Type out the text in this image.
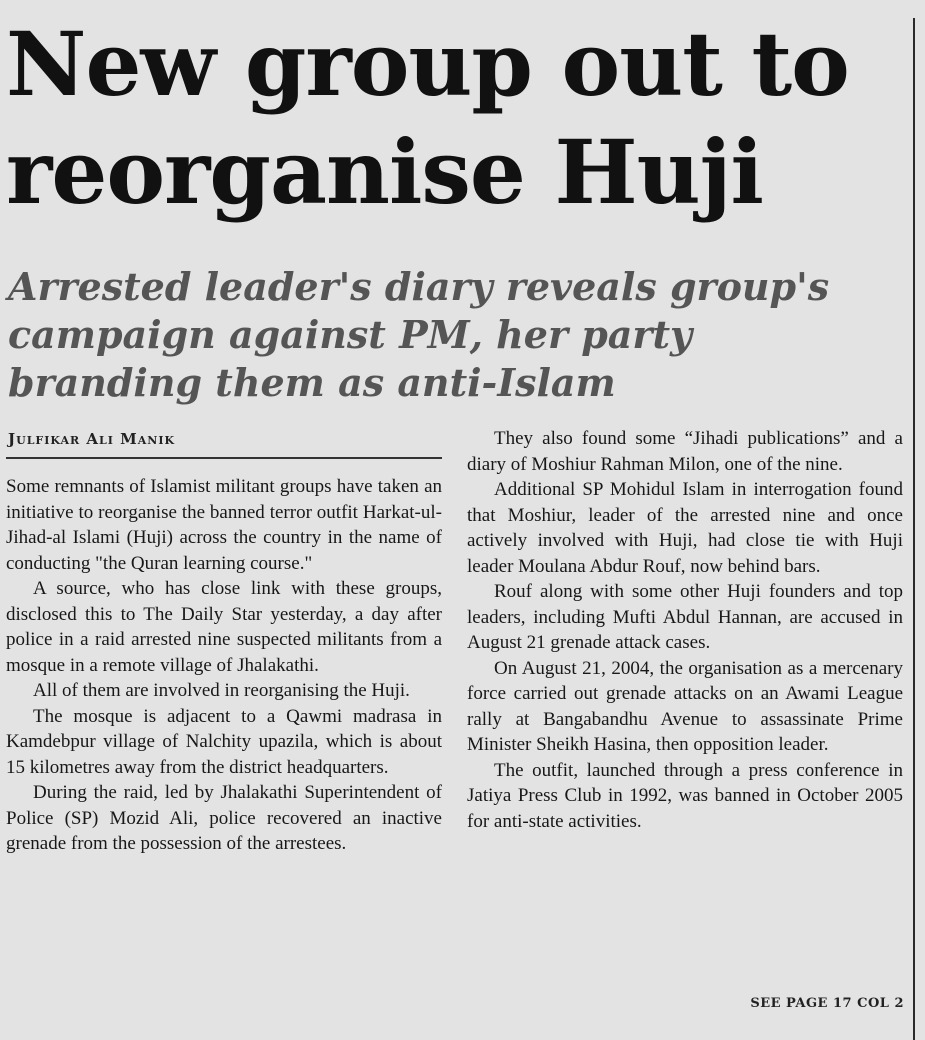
New group out to
reorganise Huji
Arrested leader's diary reveals group's
campaign against PM, her party
branding them as anti-Islam
Julfikar Ali Manik

Some remnants of Islamist militant groups have taken an initiative to reorganise the banned terror outfit Harkat-ul-Jihad-al Islami (Huji) across the country in the name of conducting "the Quran learning course."

A source, who has close link with these groups, disclosed this to The Daily Star yesterday, a day after police in a raid arrested nine suspected militants from a mosque in a remote village of Jhalakathi.

All of them are involved in reorganising the Huji.

The mosque is adjacent to a Qawmi madrasa in Kamdebpur village of Nalchity upazila, which is about 15 kilometres away from the district headquarters.

During the raid, led by Jhalakathi Superintendent of Police (SP) Mozid Ali, police recovered an inactive grenade from the possession of the arrestees.

They also found some “Jihadi publications” and a diary of Moshiur Rahman Milon, one of the nine.

Additional SP Mohidul Islam in interrogation found that Moshiur, leader of the arrested nine and once actively involved with Huji, had close tie with Huji leader Moulana Abdur Rouf, now behind bars.

Rouf along with some other Huji founders and top leaders, including Mufti Abdul Hannan, are accused in August 21 grenade attack cases.

On August 21, 2004, the organisation as a mercenary force carried out grenade attacks on an Awami League rally at Bangabandhu Avenue to assassinate Prime Minister Sheikh Hasina, then opposition leader.

The outfit, launched through a press conference in Jatiya Press Club in 1992, was banned in October 2005 for anti-state activities.

SEE PAGE 17 COL 2
